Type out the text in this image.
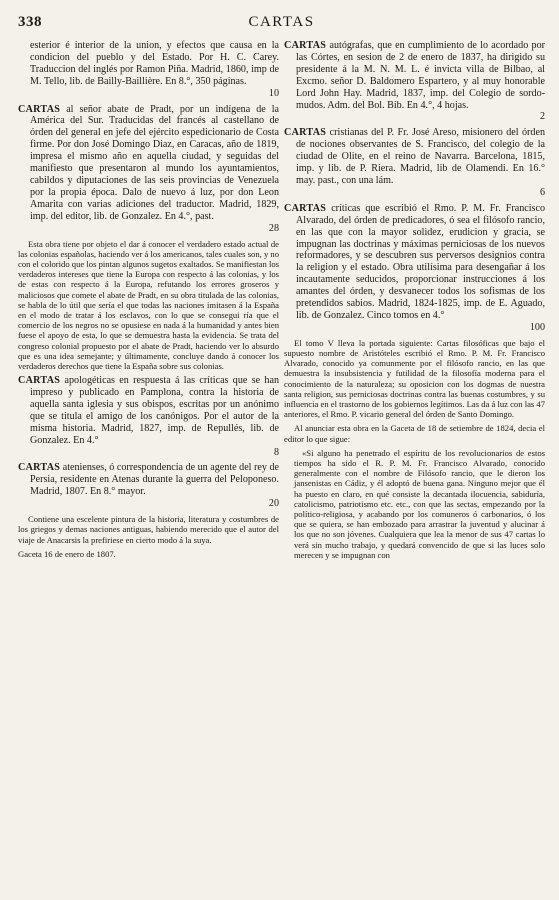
338	CARTAS
esterior é interior de la union, y efectos que causa en la condicion del pueblo y del Estado. Por H. C. Carey. Traduccion del inglés por Ramon Piña. Madrid, 1860, imp de M. Tello, lib. de Bailly-Baillière. En 8.°, 350 páginas.
10
CARTAS al señor abate de Pradt, por un indígena de la América del Sur. Traducidas del francés al castellano de órden del general en jefe del ejército espedicionario de Costa firme. Por don José Domingo Diaz, en Caracas, año de 1819, impresa el mismo año en aquella ciudad, y seguidas del manifiesto que presentaron al mundo los ayuntamientos, cabildos y diputaciones de las seis provincias de Venezuela por la propia época. Dalo de nuevo á luz, por don Leon Amarita con varias adiciones del traductor. Madrid, 1829, imp. del editor, lib. de Gonzalez. En 4.°, past.
28
Esta obra tiene por objeto el dar á conocer el verdadero estado actual de las colonias españolas, haciendo ver á los americanos, tales cuales son, y no con el colorido que los pintan algunos sugetos exaltados. Se manifiestan los verdaderos intereses que tiene la Europa con respecto á las colonias, y los de estas con respecto á la Europa, refutando los errores groseros y maliciosos que comete el abate de Pradt, en su obra titulada de las colonias, se habla de lo útil que sería el que todas las naciones imitasen á la España en el modo de tratar á los esclavos, con lo que se consegui ría que el comercio de los negros no se opusiese en nada á la humanidad y antes bien fuese el apoyo de esta, lo que se demuestra hasta la evidencia. Se trata del congreso colonial propuesto por el abate de Pradt, haciendo ver lo absurdo que es una idea semejante; y últimamente, concluye dando á conocer los verdaderos derechos que tiene la España sobre sus colonias.
CARTAS apologéticas en respuesta á las críticas que se han impreso y publicado en Pamplona, contra la historia de aquella santa iglesia y sus obispos, escritas por un anónimo que se titula el amigo de los canónigos. Por el autor de la misma historia. Madrid, 1827, imp. de Repullés, lib. de Gonzalez. En 4.°
8
CARTAS atenienses, ó correspondencia de un agente del rey de Persia, residente en Atenas durante la guerra del Peloponeso. Madrid, 1807. En 8.° mayor.
20
Contiene una escelente pintura de la historia, literatura y costumbres de los griegos y demas naciones antiguas, habiendo merecido que el autor del viaje de Anacarsis la prefiriese en cierto modo á la suya.
Gaceta 16 de enero de 1807.
CARTAS autógrafas, que en cumplimiento de lo acordado por las Córtes, en sesion de 2 de enero de 1837, ha dirigido su presidente á la M. N. M. L. é invicta villa de Bilbao, al Excmo. señor D. Baldomero Espartero, y al muy honorable Lord John Hay. Madrid, 1837, imp. del Colegio de sordo-mudos. Adm. del Bol. Bib. En 4.°, 4 hojas.
2
CARTAS cristianas del P. Fr. José Areso, misionero del órden de nociones observantes de S. Francisco, del colegio de la ciudad de Olite, en el reino de Navarra. Barcelona, 1815, imp. y lib. de P. Riera. Madrid, lib de Olamendi. En 16.° may. past., con una lám.
6
CARTAS críticas que escribió el Rmo. P. M. Fr. Francisco Alvarado, del órden de predicadores, ó sea el filósofo rancio, en las que con la mayor solidez, erudicion y gracia, se impugnan las doctrinas y máximas perniciosas de los nuevos reformadores, y se descubren sus perversos designios contra la religion y el estado. Obra utilísima para desengañar á los incautamente seducidos, proporcionar instrucciones á los amantes del órden, y desvanecer todos los sofismas de los pretendidos sabios. Madrid, 1824-1825, imp. de E. Aguado, lib. de Gonzalez. Cinco tomos en 4.°
100
El tomo V lleva la portada siguiente: Cartas filosóficas que bajo el supuesto nombre de Aristóteles escribió el Rmo. P. M. Fr. Francisco Alvarado, conocido ya comunmente por el filósofo rancio, en las que demuestra la insubsistencia y futilidad de la filosofía moderna para el conocimiento de la naturaleza; su oposicion con los dogmas de nuestra santa religion, sus perniciosas doctrinas contra las buenas costumbres, y su influencia en el trastorno de los gobiernos legítimos. Las da á luz con las 47 anteriores, el Rmo. P. vicario general del órden de Santo Domingo.
Al anunciar esta obra en la Gaceta de 18 de setiembre de 1824, decia el editor lo que sigue:
«Si alguno ha penetrado el espíritu de los revolucionarios de estos tiempos ha sido el R. P. M. Fr. Francisco Alvarado, conocido generalmente con el nombre de Filósofo rancio, que le dieron los jansenistas en Cádiz, y él adoptó de buena gana. Ninguno mejor que él ha puesto en claro, en qué consiste la decantada ilocuencia, sabiduría, catolicismo, patriotismo etc. etc., con que las sectas, empezando por la político-religiosa, y acabando por los comuneros ó carbonarios, ó los que se quiera, se han embozado para arrastrar la juventud y alucinar á los que no son jóvenes. Cualquiera que lea la menor de sus 47 cartas lo verá sin mucho trabajo, y quedará convencido de que si las luces solo merecen y se impugnan con
